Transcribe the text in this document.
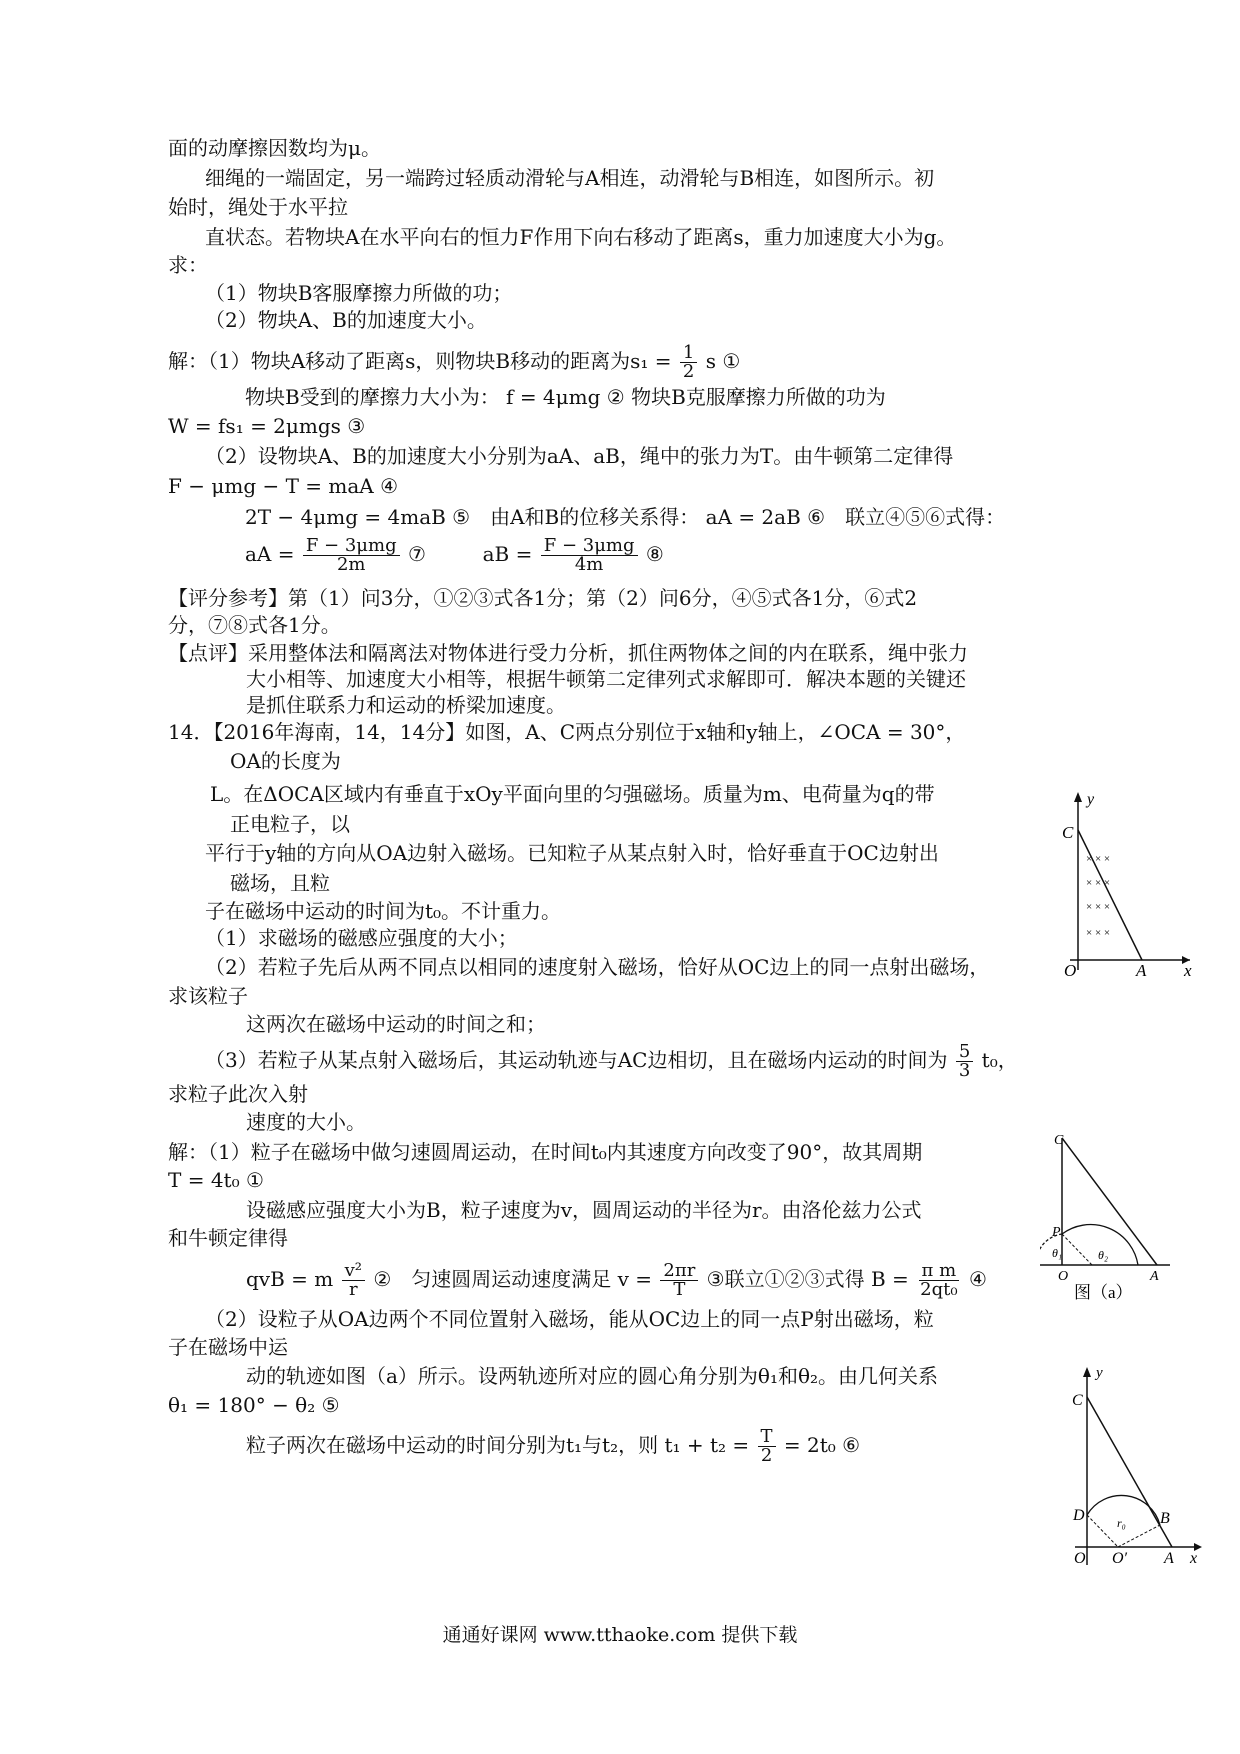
面的动摩擦因数均为μ。
细绳的一端固定，另一端跨过轻质动滑轮与A相连，动滑轮与B相连，如图所示。初
始时，绳处于水平拉
直状态。若物块A在水平向右的恒力F作用下向右移动了距离s，重力加速度大小为g。
求：
（1）物块B客服摩擦力所做的功；
（2）物块A、B的加速度大小。
解：（1）物块A移动了距离s，则物块B移动的距离为$s_1 = \frac{1}{2}$ s ①
物块B受到的摩擦力大小为： f = 4μmg ② 物块B克服摩擦力所做的功为
W = fs₁ = 2μmgs ③
（2）设物块A、B的加速度大小分别为aA、aB，绳中的张力为T。由牛顿第二定律得
F − μmg − T = maA ④
2T − 4μmg = 4maB ⑤　由A和B的位移关系得： aA = 2aB ⑥　联立④⑤⑥式得：
aA = $\frac{\text{F − 3μmg}}{2m}$ ⑦	aB = $\frac{\text{F − 3μmg}}{4m}$ ⑧
【评分参考】第（1）问3分，①②③式各1分；第（2）问6分，④⑤式各1分，⑥式2
分，⑦⑧式各1分。
【点评】采用整体法和隔离法对物体进行受力分析，抓住两物体之间的内在联系，绳中张力
大小相等、加速度大小相等，根据牛顿第二定律列式求解即可．解决本题的关键还
是抓住联系力和运动的桥梁加速度。
14．【2016年海南，14，14分】如图，A、C两点分别位于x轴和y轴上，∠OCA = 30°，
OA的长度为
L。在ΔOCA区域内有垂直于xOy平面向里的匀强磁场。质量为m、电荷量为q的带
正电粒子，以
平行于y轴的方向从OA边射入磁场。已知粒子从某点射入时，恰好垂直于OC边射出
磁场，且粒
子在磁场中运动的时间为t₀。不计重力。
（1）求磁场的磁感应强度的大小；
（2）若粒子先后从两不同点以相同的速度射入磁场，恰好从OC边上的同一点射出磁场，
求该粒子
这两次在磁场中运动的时间之和；
（3）若粒子从某点射入磁场后，其运动轨迹与AC边相切，且在磁场内运动的时间为 $\frac{5}{3} t_0$，
求粒子此次入射
速度的大小。
解：（1）粒子在磁场中做匀速圆周运动，在时间t₀内其速度方向改变了90°，故其周期
T = 4t₀ ①
设磁感应强度大小为B，粒子速度为v，圆周运动的半径为r。由洛伦兹力公式
和牛顿定律得
qvB = m $\frac{\text{v²}}{r}$ ②　匀速圆周运动速度满足 $v = \frac{2\pi r}{T}$ ③联立①②③式得 $B = \frac{\text{π m}}{\text{2qt₀}}$ ④
（2）设粒子从OA边两个不同位置射入磁场，能从OC边上的同一点P射出磁场，粒
子在磁场中运
动的轨迹如图（a）所示。设两轨迹所对应的圆心角分别为θ₁和θ₂。由几何关系
θ₁ = 180° − θ₂ ⑤
粒子两次在磁场中运动的时间分别为t₁与t₂，则 $t_1 + t_2 = \frac{T}{2} = 2t_0$ ⑥
× × ×
× × ×
× × ×
× × ×
y
C
O	A x
C
P
θ₁	θ₂
O	A
图（a）
y
C
D	r₀ B
O O′ A x
通通好课网 www.tthaoke.com 提供下载
